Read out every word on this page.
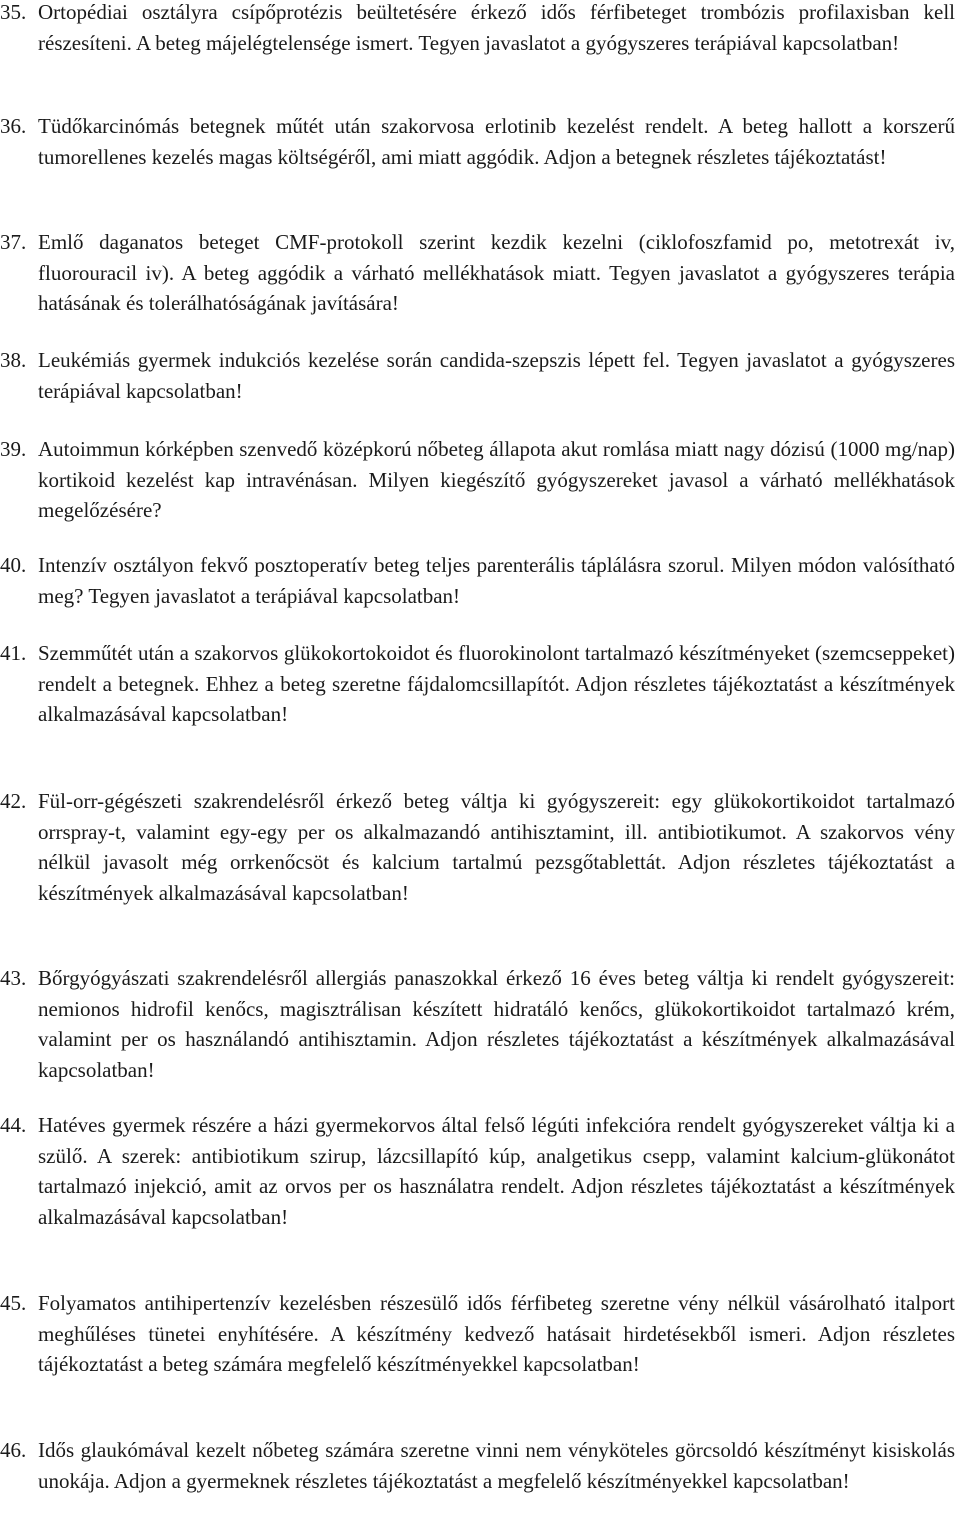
35. Ortopédiai osztályra csípőprotézis beültetésére érkező idős férfibeteget trombózis profilaxisban kell részesíteni. A beteg májelégtelensége ismert. Tegyen javaslatot a gyógyszeres terápiával kapcsolatban!
36. Tüdőkarcinómás betegnek műtét után szakorvosa erlotinib kezelést rendelt. A beteg hallott a korszerű tumorellenes kezelés magas költségéről, ami miatt aggódik. Adjon a betegnek részletes tájékoztatást!
37. Emlő daganatos beteget CMF-protokoll szerint kezdik kezelni (ciklofoszfamid po, metotrexát iv, fluorouracil iv). A beteg aggódik a várható mellékhatások miatt. Tegyen javaslatot a gyógyszeres terápia hatásának és tolerálhatóságának javítására!
38. Leukémiás gyermek indukciós kezelése során candida-szepszis lépett fel. Tegyen javaslatot a gyógyszeres terápiával kapcsolatban!
39. Autoimmun kórképben szenvedő középkorú nőbeteg állapota akut romlása miatt nagy dózisú (1000 mg/nap) kortikoid kezelést kap intravénásan. Milyen kiegészítő gyógyszereket javasol a várható mellékhatások megelőzésére?
40. Intenzív osztályon fekvő posztoperatív beteg teljes parenterális táplálásra szorul. Milyen módon valósítható meg? Tegyen javaslatot a terápiával kapcsolatban!
41. Szemműtét után a szakorvos glükokortokoidot és fluorokinolont tartalmazó készítményeket (szemcseppeket) rendelt a betegnek. Ehhez a beteg szeretne fájdalomcsillapítót. Adjon részletes tájékoztatást a készítmények alkalmazásával kapcsolatban!
42. Fül-orr-gégészeti szakrendelésről érkező beteg váltja ki gyógyszereit: egy glükokortikoidot tartalmazó orrspray-t, valamint egy-egy per os alkalmazandó antihisztamint, ill. antibiotikumot. A szakorvos vény nélkül javasolt még orrkenőcsöt és kalcium tartalmú pezsgőtablettát. Adjon részletes tájékoztatást a készítmények alkalmazásával kapcsolatban!
43. Bőrgyógyászati szakrendelésről allergiás panaszokkal érkező 16 éves beteg váltja ki rendelt gyógyszereit: nemionos hidrofil kenőcs, magisztrálisan készített hidratáló kenőcs, glükokortikoidot tartalmazó krém, valamint per os használandó antihisztamin. Adjon részletes tájékoztatást a készítmények alkalmazásával kapcsolatban!
44. Hatéves gyermek részére a házi gyermekorvos által felső légúti infekcióra rendelt gyógyszereket váltja ki a szülő. A szerek: antibiotikum szirup, lázcsillapító kúp, analgetikus csepp, valamint kalcium-glükonátot tartalmazó injekció, amit az orvos per os használatra rendelt. Adjon részletes tájékoztatást a készítmények alkalmazásával kapcsolatban!
45. Folyamatos antihipertenzív kezelésben részesülő idős férfibeteg szeretne vény nélkül vásárolható italport meghűléses tünetei enyhítésére. A készítmény kedvező hatásait hirdetésekből ismeri. Adjon részletes tájékoztatást a beteg számára megfelelő készítményekkel kapcsolatban!
46. Idős glaukómával kezelt nőbeteg számára szeretne vinni nem vényköteles görcsoldó készítményt kisiskolás unokája. Adjon a gyermeknek részletes tájékoztatást a megfelelő készítményekkel kapcsolatban!
